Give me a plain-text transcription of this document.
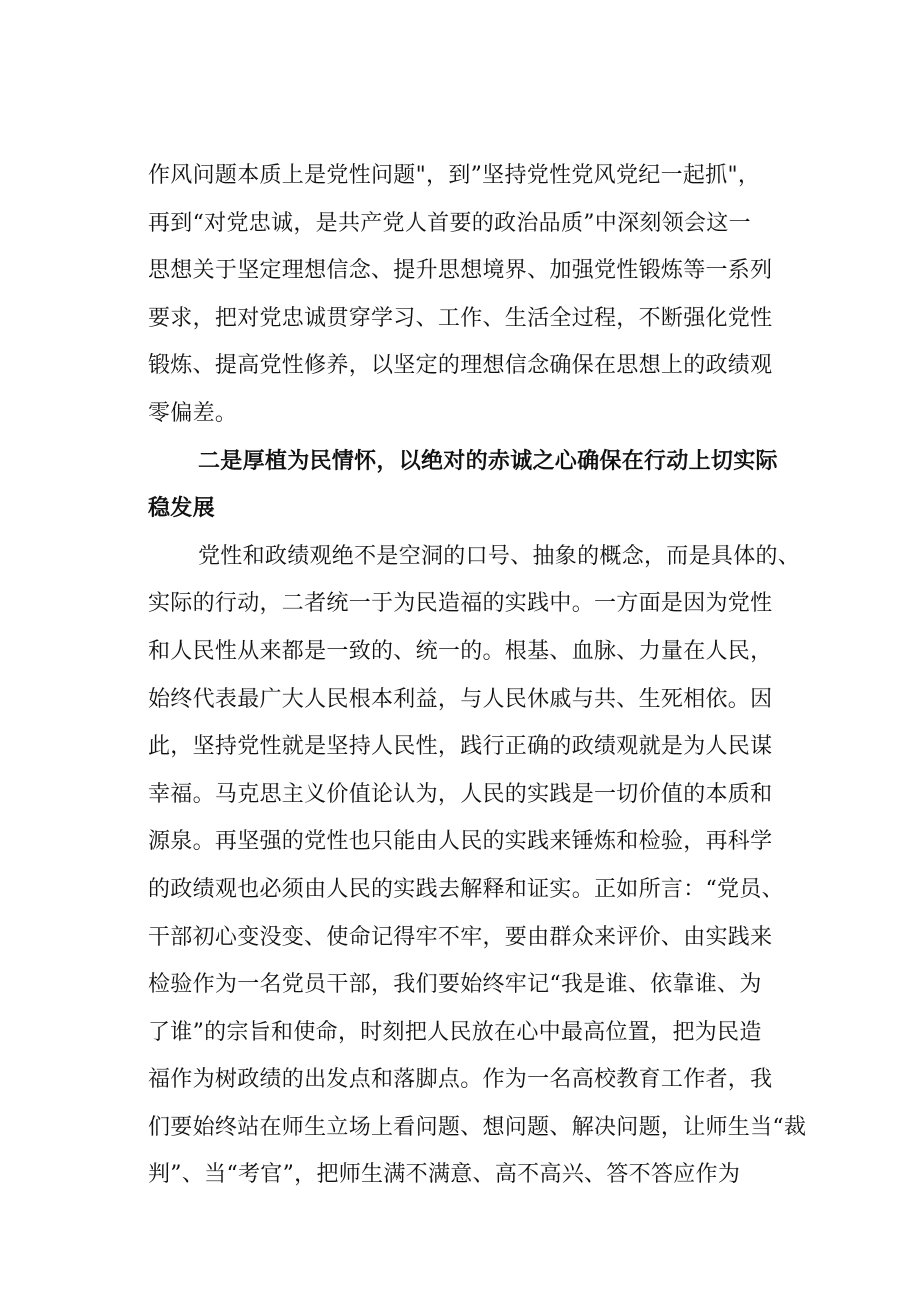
作风问题本质上是党性问题"，到”坚持党性党风党纪一起抓"，
再到“对党忠诚，是共产党人首要的政治品质”中深刻领会这一
思想关于坚定理想信念、提升思想境界、加强党性锻炼等一系列
要求，把对党忠诚贯穿学习、工作、生活全过程，不断强化党性
锻炼、提高党性修养，以坚定的理想信念确保在思想上的政绩观
零偏差。
二是厚植为民情怀，以绝对的赤诚之心确保在行动上切实际
稳发展
党性和政绩观绝不是空洞的口号、抽象的概念，而是具体的、
实际的行动，二者统一于为民造福的实践中。一方面是因为党性
和人民性从来都是一致的、统一的。根基、血脉、力量在人民，
始终代表最广大人民根本利益，与人民休戚与共、生死相依。因
此，坚持党性就是坚持人民性，践行正确的政绩观就是为人民谋
幸福。马克思主义价值论认为，人民的实践是一切价值的本质和
源泉。再坚强的党性也只能由人民的实践来锤炼和检验，再科学
的政绩观也必须由人民的实践去解释和证实。正如所言：“党员、
干部初心变没变、使命记得牢不牢，要由群众来评价、由实践来
检验作为一名党员干部，我们要始终牢记“我是谁、依靠谁、为
了谁”的宗旨和使命，时刻把人民放在心中最高位置，把为民造
福作为树政绩的出发点和落脚点。作为一名高校教育工作者，我
们要始终站在师生立场上看问题、想问题、解决问题，让师生当“裁
判”、当“考官”，把师生满不满意、高不高兴、答不答应作为
